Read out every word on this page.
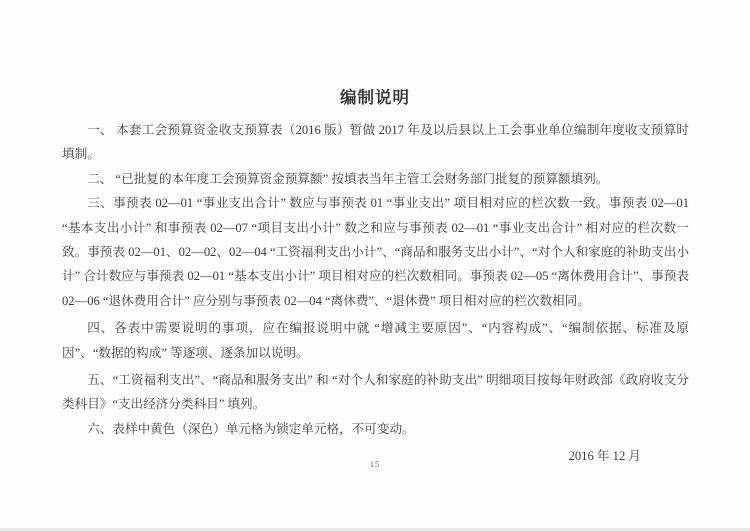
编制说明

一、 本套工会预算资金收支预算表（2016 版）暂做 2017 年及以后县以上工会事业单位编制年度收支预算时填制。

二、 “已批复的本年度工会预算资金预算额” 按填表当年主管工会财务部门批复的预算额填列。

三、事预表 02—01 “事业支出合计” 数应与事预表 01 “事业支出” 项目相对应的栏次数一致。事预表 02—01 “基本支出小计” 和事预表 02—07 “项目支出小计” 数之和应与事预表 02—01 “事业支出合计” 相对应的栏次数一致。事预表 02—01、02—02、02—04 “工资福利支出小计”、“商品和服务支出小计”、“对个人和家庭的补助支出小计” 合计数应与事预表 02—01 “基本支出小计” 项目相对应的栏次数相同。事预表 02—05 “离休费用合计”、事预表 02—06 “退休费用合计” 应分别与事预表 02—04 “离休费”、“退休费” 项目相对应的栏次数相同。

四、各表中需要说明的事项，应在编报说明中就 “增减主要原因”、“内容构成”、“编制依据、标准及原因”、“数据的构成” 等逐项、逐条加以说明。

五、“工资福利支出”、“商品和服务支出” 和 “对个人和家庭的补助支出” 明细项目按每年财政部《政府收支分类科目》“支出经济分类科目” 填列。

六、表样中黄色（深色）单元格为锁定单元格，不可变动。

2016 年 12 月
15
